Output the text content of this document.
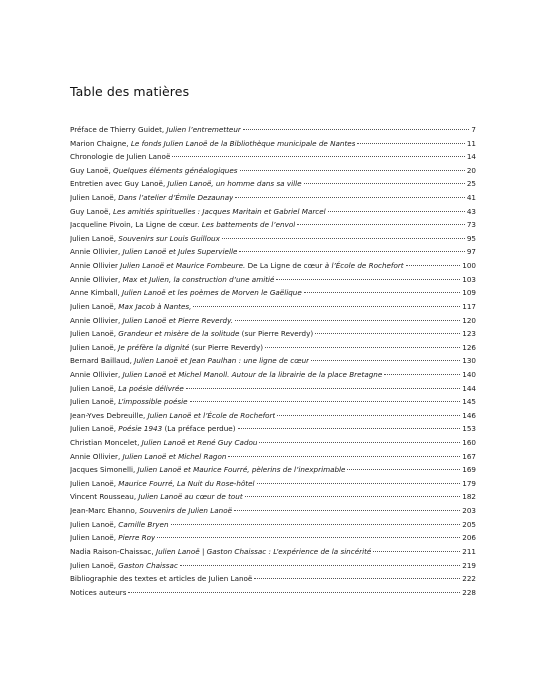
Table des matières
Préface de Thierry Guidet, Julien l’entremetteur	7
Marion Chaigne, Le fonds Julien Lanoë de la Bibliothèque municipale de Nantes	11
Chronologie de Julien Lanoë	14
Guy Lanoë, Quelques éléments généalogiques	20
Entretien avec Guy Lanoë, Julien Lanoë, un homme dans sa ville	25
Julien Lanoë, Dans l’atelier d’Émile Dezaunay	41
Guy Lanoë, Les amitiés spirituelles : Jacques Maritain et Gabriel Marcel	43
Jacqueline Pivoin, La Ligne de cœur. Les battements de l’envol	73
Julien Lanoë, Souvenirs sur Louis Guilloux	95
Annie Ollivier, Julien Lanoë et Jules Supervielle	97
Annie Ollivier Julien Lanoë et Maurice Fombeure. De La Ligne de cœur à l’École de Rochefort	100
Annie Ollivier, Max et Julien, la construction d’une amitié	103
Anne Kimball, Julien Lanoë et les poèmes de Morven le Gaëlique	109
Julien Lanoë, Max Jacob à Nantes,	117
Annie Ollivier, Julien Lanoë et Pierre Reverdy.	120
Julien Lanoë, Grandeur et misère de la solitude (sur Pierre Reverdy)	123
Julien Lanoë, Je préfère la dignité (sur Pierre Reverdy)	126
Bernard Baillaud, Julien Lanoë et Jean Paulhan : une ligne de cœur	130
Annie Ollivier, Julien Lanoë et Michel Manoll. Autour de la librairie de la place Bretagne	140
Julien Lanoë, La poésie délivrée	144
Julien Lanoë, L’impossible poésie	145
Jean-Yves Debreuille, Julien Lanoë et l’École de Rochefort	146
Julien Lanoë, Poésie 1943 (La préface perdue)	153
Christian Moncelet, Julien Lanoë et René Guy Cadou	160
Annie Ollivier, Julien Lanoë et Michel Ragon	167
Jacques Simonelli, Julien Lanoë et Maurice Fourré, pèlerins de l’inexprimable	169
Julien Lanoë, Maurice Fourré, La Nuit du Rose-hôtel	179
Vincent Rousseau, Julien Lanoë au cœur de tout	182
Jean-Marc Ehanno, Souvenirs de Julien Lanoë	203
Julien Lanoë, Camille Bryen	205
Julien Lanoë, Pierre Roy	206
Nadia Raison-Chaissac, Julien Lanoë | Gaston Chaissac : L’expérience de la sincérité	211
Julien Lanoë, Gaston Chaissac	219
Bibliographie des textes et articles de Julien Lanoë	222
Notices auteurs	228
